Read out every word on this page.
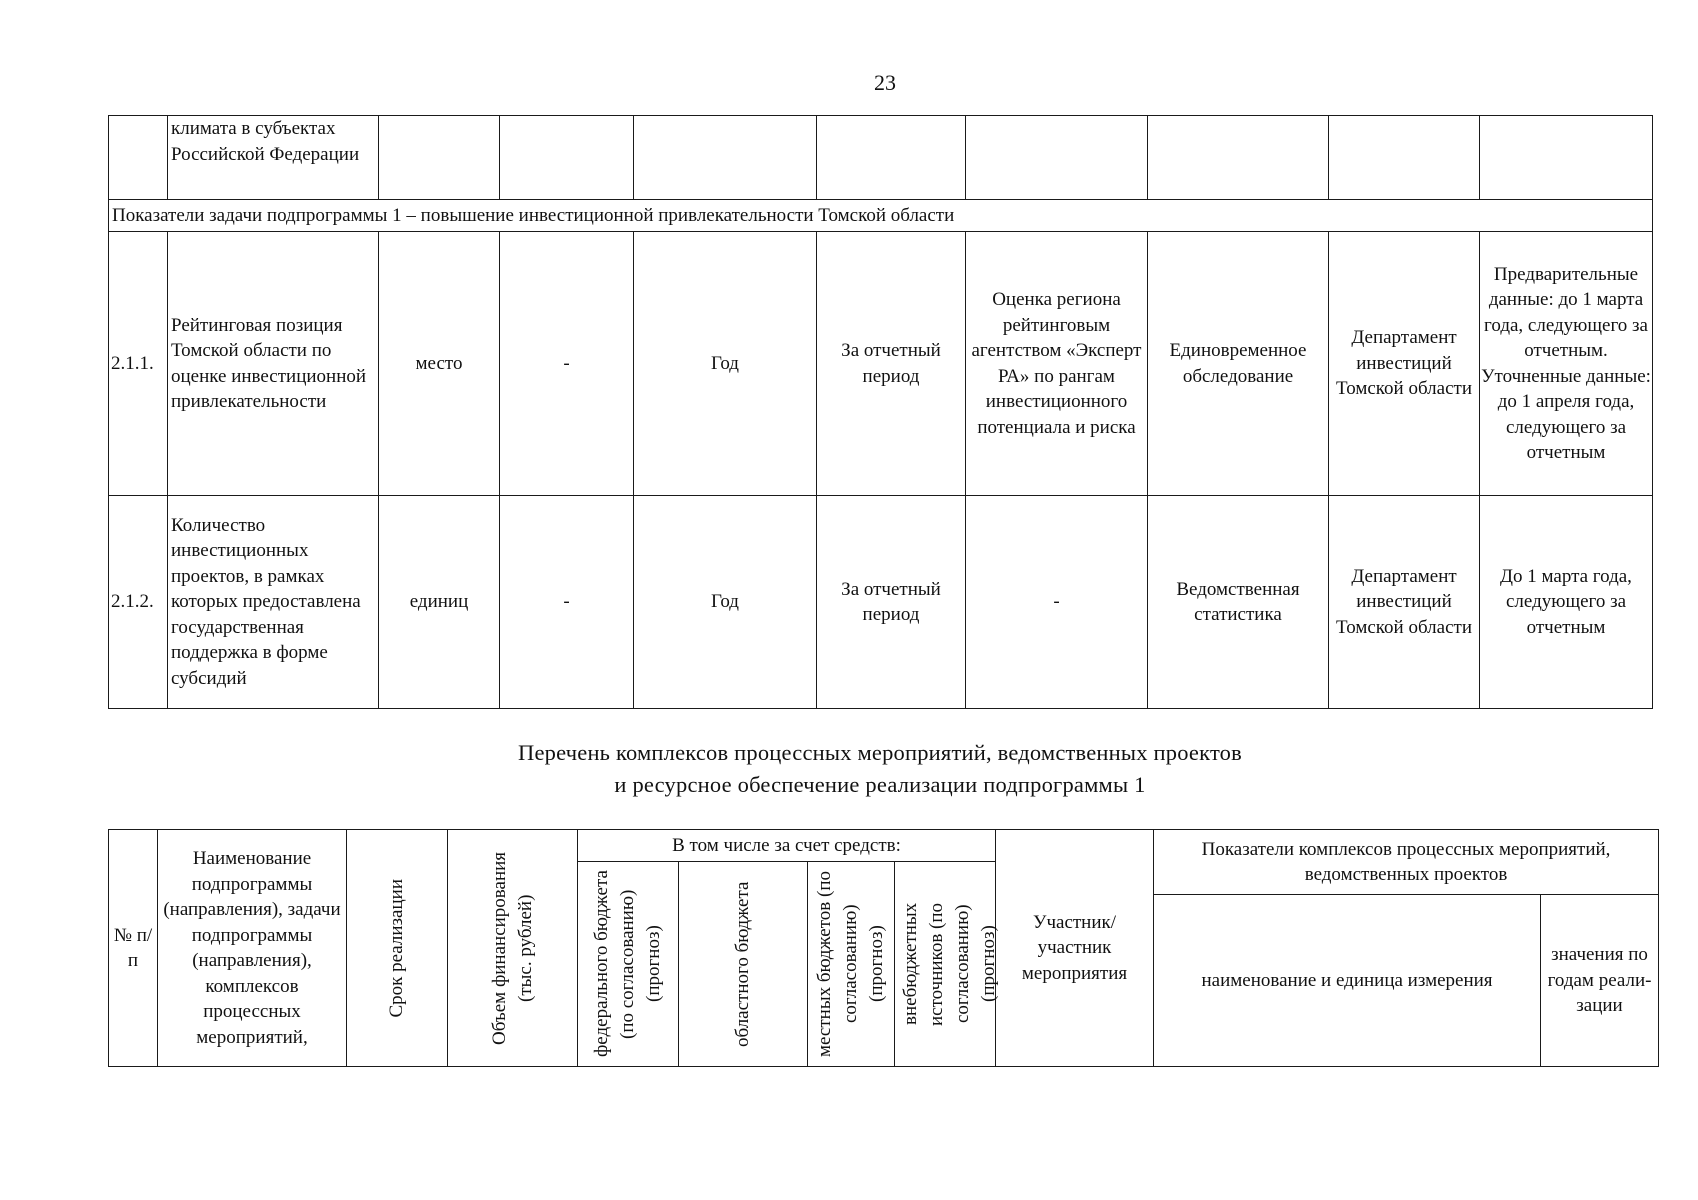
23
	климата в субъектах Российской Федерации								
Показатели задачи подпрограммы 1 – повышение инвестиционной привлекательности Томской области									
2.1.1.	Рейтинговая позиция Томской области по оценке инвестиционной привлекательности	место	-	Год	За отчетный период	Оценка региона рейтинговым агентством «Эксперт РА» по рангам инвестиционного потенциала и риска	Единовременное обследование	Департамент инвестиций Томской области	Предварительные данные: до 1 марта года, следующего за отчетным. Уточненные данные: до 1 апреля года, следующего за отчетным
2.1.2.	Количество инвестиционных проектов, в рамках которых предоставлена государственная поддержка в форме субсидий	единиц	-	Год	За отчетный период	-	Ведомственная статистика	Департамент инвестиций Томской области	До 1 марта года, следующего за отчетным
Перечень комплексов процессных мероприятий, ведомственных проектов
и ресурсное обеспечение реализации подпрограммы 1
№ п/п	Наименование подпрограммы (направления), задачи подпрограммы (направления), комплексов процессных мероприятий,	Срок реализации	Объем финансирования (тыс. рублей)	В том числе за счет средств:				Участник/ участник мероприятия	Показатели комплексов процессных мероприятий, ведомственных проектов	

				федерального бюджета (по согласованию) (прогноз)	областного бюджета	местных бюджетов (по согласованию) (прогноз)	внебюджетных источников (по согласованию) (прогноз)			

									наименование и единица измерения	значения по годам реали-зации
